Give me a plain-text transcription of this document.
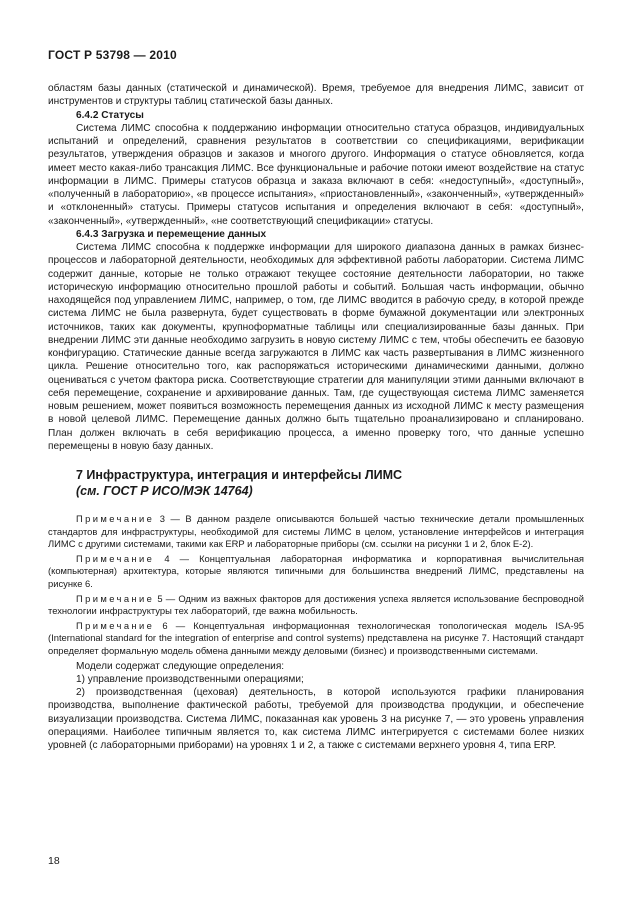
ГОСТ Р 53798 — 2010

областям базы данных (статической и динамической). Время, требуемое для внедрения ЛИМС, зависит от инструментов и структуры таблиц статической базы данных.

6.4.2 Статусы

Система ЛИМС способна к поддержанию информации относительно статуса образцов, индивидуальных испытаний и определений, сравнения результатов в соответствии со спецификациями, верификации результатов, утверждения образцов и заказов и многого другого. Информация о статусе обновляется, когда имеет место какая-либо трансакция ЛИМС. Все функциональные и рабочие потоки имеют воздействие на статус информации в ЛИМС. Примеры статусов образца и заказа включают в себя: «недоступный», «доступный», «полученный в лабораторию», «в процессе испытания», «приостановленный», «законченный», «утвержденный» и «отклоненный» статусы. Примеры статусов испытания и определения включают в себя: «доступный», «законченный», «утвержденный», «не соответствующий спецификации» статусы.

6.4.3 Загрузка и перемещение данных

Система ЛИМС способна к поддержке информации для широкого диапазона данных в рамках бизнес-процессов и лабораторной деятельности, необходимых для эффективной работы лаборатории. Система ЛИМС содержит данные, которые не только отражают текущее состояние деятельности лаборатории, но также историческую информацию относительно прошлой работы и событий. Большая часть информации, обычно находящейся под управлением ЛИМС, например, о том, где ЛИМС вводится в рабочую среду, в которой прежде система ЛИМС не была развернута, будет существовать в форме бумажной документации или электронных источников, таких как документы, крупноформатные таблицы или специализированные базы данных. При внедрении ЛИМС эти данные необходимо загрузить в новую систему ЛИМС с тем, чтобы обеспечить ее базовую конфигурацию. Статические данные всегда загружаются в ЛИМС как часть развертывания в ЛИМС жизненного цикла. Решение относительно того, как распоряжаться историческими динамическими данными, должно оцениваться с учетом фактора риска. Соответствующие стратегии для манипуляции этими данными включают в себя перемещение, сохранение и архивирование данных. Там, где существующая система ЛИМС заменяется новым решением, может появиться возможность перемещения данных из исходной ЛИМС к месту размещения в новой целевой ЛИМС. Перемещение данных должно быть тщательно проанализировано и спланировано. План должен включать в себя верификацию процесса, а именно проверку того, что данные успешно перемещены в новую базу данных.

7 Инфраструктура, интеграция и интерфейсы ЛИМС
(см. ГОСТ Р ИСО/МЭК 14764)

Примечание 3 — В данном разделе описываются большей частью технические детали промышленных стандартов для инфраструктуры, необходимой для системы ЛИМС в целом, установление интерфейсов и интеграция ЛИМС с другими системами, такими как ERP и лабораторные приборы (см. ссылки на рисунки 1 и 2, блок Е-2).

Примечание 4 — Концептуальная лабораторная информатика и корпоративная вычислительная (компьютерная) архитектура, которые являются типичными для большинства внедрений ЛИМС, представлены на рисунке 6.

Примечание 5 — Одним из важных факторов для достижения успеха является использование беспроводной технологии инфраструктуры тех лабораторий, где важна мобильность.

Примечание 6 — Концептуальная информационная технологическая топологическая модель ISA-95 (International standard for the integration of enterprise and control systems) представлена на рисунке 7. Настоящий стандарт определяет формальную модель обмена данными между деловыми (бизнес) и производственными системами.

Модели содержат следующие определения:

1) управление производственными операциями;

2) производственная (цеховая) деятельность, в которой используются графики планирования производства, выполнение фактической работы, требуемой для производства продукции, и обеспечение визуализации производства. Система ЛИМС, показанная как уровень 3 на рисунке 7, — это уровень управления операциями. Наиболее типичным является то, как система ЛИМС интегрируется с системами более низких уровней (с лабораторными приборами) на уровнях 1 и 2, а также с системами верхнего уровня 4, типа ERP.

18
